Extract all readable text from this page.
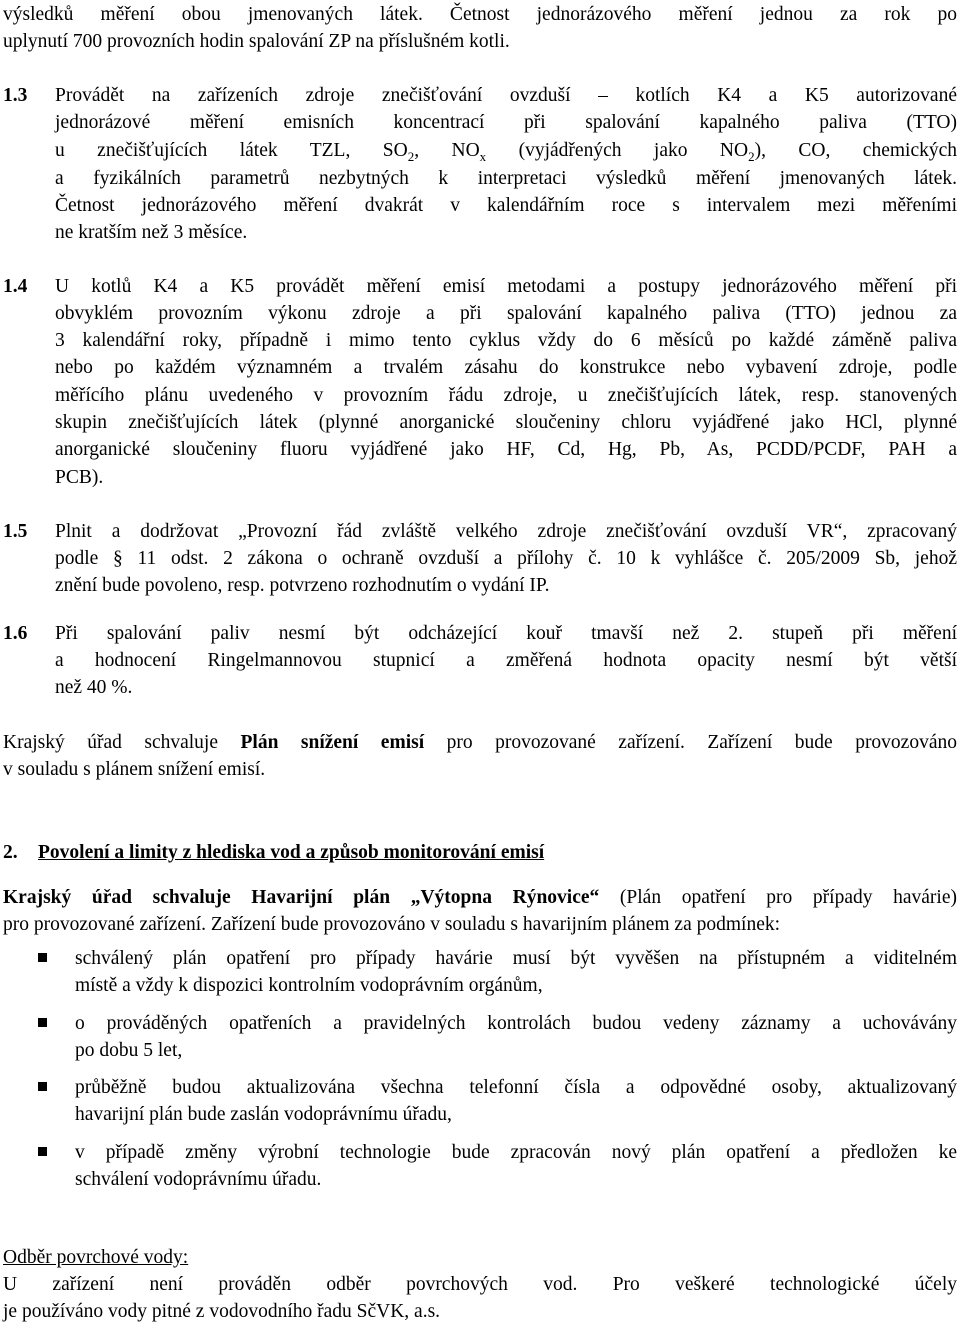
výsledků měření obou jmenovaných látek. Četnost jednorázového měření jednou za rok po

uplynutí 700 provozních hodin spalování ZP na příslušném kotli.

1.3 Provádět na zařízeních zdroje znečišťování ovzduší – kotlích K4 a K5 autorizované

jednorázové měření emisních koncentrací při spalování kapalného paliva (TTO)

u znečišťujících látek TZL, $SO_2$, $NO_x$ (vyjádřených jako $NO_2$), CO, chemických

a fyzikálních parametrů nezbytných k interpretaci výsledků měření jmenovaných látek.

Četnost jednorázového měření dvakrát v kalendářním roce s intervalem mezi měřeními

ne kratším než 3 měsíce.

1.4 U kotlů K4 a K5 provádět měření emisí metodami a postupy jednorázového měření při

obvyklém provozním výkonu zdroje a při spalování kapalného paliva (TTO) jednou za

3 kalendářní roky, případně i mimo tento cyklus vždy do 6 měsíců po každé záměně paliva

nebo po každém významném a trvalém zásahu do konstrukce nebo vybavení zdroje, podle

měřícího plánu uvedeného v provozním řádu zdroje, u znečišťujících látek, resp. stanovených

skupin znečišťujících látek (plynné anorganické sloučeniny chloru vyjádřené jako HCl, plynné

anorganické sloučeniny fluoru vyjádřené jako HF, Cd, Hg, Pb, As, PCDD/PCDF, PAH a

PCB).

1.5 Plnit a dodržovat „Provozní řád zvláště velkého zdroje znečišťování ovzduší VR“, zpracovaný

podle § 11 odst. 2 zákona o ochraně ovzduší a přílohy č. 10 k vyhlášce č. 205/2009 Sb, jehož

znění bude povoleno, resp. potvrzeno rozhodnutím o vydání IP.

1.6 Při spalování paliv nesmí být odcházející kouř tmavší než 2. stupeň při měření

a hodnocení Ringelmannovou stupnicí a změřená hodnota opacity nesmí být větší

než 40 %.

Krajský úřad schvaluje Plán snížení emisí pro provozované zařízení. Zařízení bude provozováno

v souladu s plánem snížení emisí.

2. Povolení a limity z hlediska vod a způsob monitorování emisí

Krajský úřad schvaluje Havarijní plán „Výtopna Rýnovice“ (Plán opatření pro případy havárie)

pro provozované zařízení. Zařízení bude provozováno v souladu s havarijním plánem za podmínek:

schválený plán opatření pro případy havárie musí být vyvěšen na přístupném a viditelném

místě a vždy k dispozici kontrolním vodoprávním orgánům,

o prováděných opatřeních a pravidelných kontrolách budou vedeny záznamy a uchovávány

po dobu 5 let,

průběžně budou aktualizována všechna telefonní čísla a odpovědné osoby, aktualizovaný

havarijní plán bude zaslán vodoprávnímu úřadu,

v případě změny výrobní technologie bude zpracován nový plán opatření a předložen ke

schválení vodoprávnímu úřadu.

Odběr povrchové vody:

U zařízení není prováděn odběr povrchových vod. Pro veškeré technologické účely

je používáno vody pitné z vodovodního řadu SčVK, a.s.
